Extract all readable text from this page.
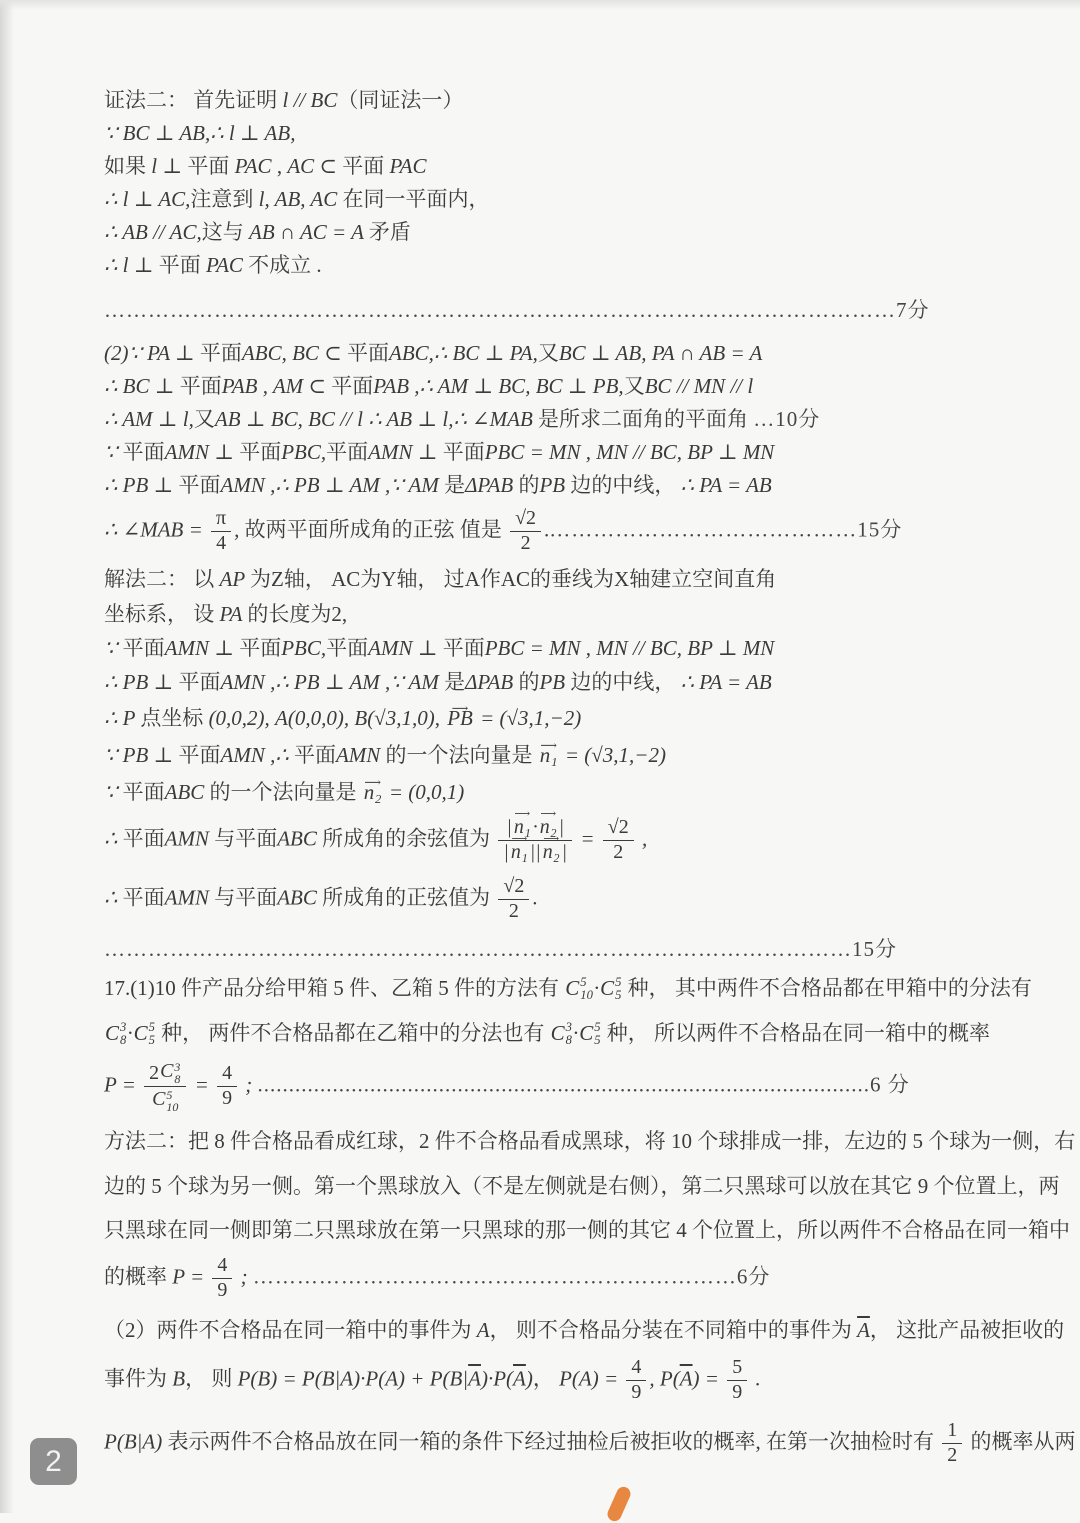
证法二： 首先证明 l // BC（同证法一）
∵ BC ⊥ AB,∴ l ⊥ AB,
如果 l ⊥ 平面 PAC , AC ⊂ 平面 PAC
∴ l ⊥ AC,注意到 l, AB, AC 在同一平面内，
∴ AB // AC,这与 AB ∩ AC = A 矛盾
∴ l ⊥ 平面 PAC 不成立 .
………………………………………………………………………………………………7分
(2)∵ PA ⊥ 平面ABC, BC ⊂ 平面ABC,∴ BC ⊥ PA,又BC ⊥ AB, PA ∩ AB = A
∴ BC ⊥ 平面PAB , AM ⊂ 平面PAB ,∴ AM ⊥ BC, BC ⊥ PB,又BC // MN // l
∴ AM ⊥ l,又AB ⊥ BC, BC // l ∴ AB ⊥ l,∴ ∠MAB 是所求二面角的平面角 …10分
∵ 平面AMN ⊥ 平面PBC,平面AMN ⊥ 平面PBC = MN , MN // BC, BP ⊥ MN
∴ PB ⊥ 平面AMN ,∴ PB ⊥ AM ,∵ AM 是ΔPAB 的PB 边的中线， ∴ PA = AB
∴ ∠MAB = $\frac{\pi}{4}$ , 故两平面所成角的正弦 值是 $\frac{√2}{2}$ .……………………………………15分
解法二： 以 AP 为Z轴， AC为Y轴， 过A作AC的垂线为X轴建立空间直角
坐标系， 设 PA 的长度为2,
∵ 平面AMN ⊥ 平面PBC,平面AMN ⊥ 平面PBC = MN , MN // BC, BP ⊥ MN
∴ PB ⊥ 平面AMN ,∴ PB ⊥ AM ,∵ AM 是ΔPAB 的PB 边的中线， ∴ PA = AB
∴ P 点坐标 (0,0,2), A(0,0,0), B(√3,1,0), ⟶ PB = (√3,1,−2)
∵ PB ⊥ 平面AMN ,∴ 平面AMN 的一个法向量是 ⟶ n₁ = (√3,1,−2)
∵ 平面ABC 的一个法向量是 ⟶ n₂ = (0,0,1)
∴ 平面AMN 与平面ABC 所成角的余弦值为 $\frac{\text{| ⟶ n₁ · ⟶ n₂ |}}{\text{| ⟶ n₁ || ⟶ n₂ |}} = \frac{√2}{2}$ ,
∴ 平面AMN 与平面ABC 所成角的正弦值为 $\frac{√2}{2}$ .
…………………………………………………………………………………………15分
17.(1)10 件产品分给甲箱 5 件、乙箱 5 件的方法有 C 5
10 · C 5
5 种， 其中两件不合格品都在甲箱中的分法有
C 3
8 · C 5
5 种， 两件不合格品都在乙箱中的分法也有 C 3
8 · C 5
5 种， 所以两件不合格品在同一箱中的概率
P = 2 C 3
8
C 5
$10 = \frac{4}{9}$ ; ..................................................................................................6 分
方法二：把 8 件合格品看成红球，2 件不合格品看成黑球，将 10 个球排成一排，左边的 5 个球为一侧，右
边的 5 个球为另一侧。第一个黑球放入（不是左侧就是右侧），第二只黑球可以放在其它 9 个位置上，两
只黑球在同一侧即第二只黑球放在第一只黑球的那一侧的其它 4 个位置上，所以两件不合格品在同一箱中
的概率 $P = \frac{4}{9}$ ; …………………………………………………………6分
（2）两件不合格品在同一箱中的事件为 A， 则不合格品分装在不同箱中的事件为 $\overline{A}$， 这批产品被拒收的
事件为 B， 则 $P(B) = P(B|A)\cdot P(A) + P(B|\overline{A})\cdot P(\overline{A})$， $P(A) = \frac{4}{9}$ , $P(\overline{A}) = \frac{5}{9}$ .
P(B|A) 表示两件不合格品放在同一箱的条件下经过抽检后被拒收的概率, 在第一次抽检时有 $\frac{1}{2}$ 的概率从两
2
